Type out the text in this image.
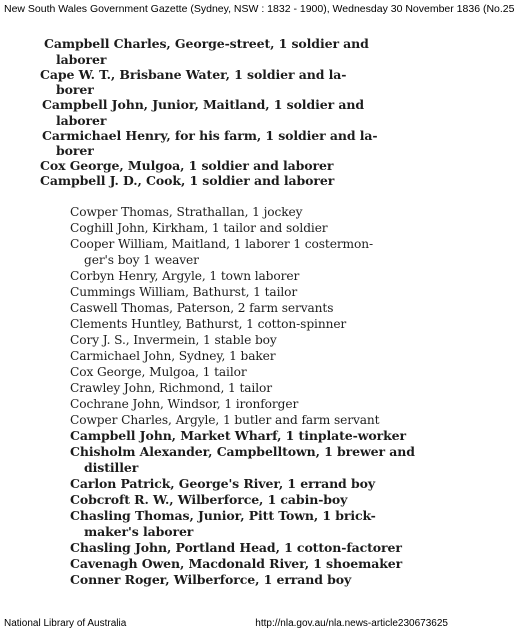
New South Wales Government Gazette (Sydney, NSW : 1832 - 1900), Wednesday 30 November 1836 (No.25
Campbell Charles, George-street, 1 soldier and
laborer
Cape W. T., Brisbane Water, 1 soldier and la-
borer
Campbell John, Junior, Maitland, 1 soldier and
laborer
Carmichael Henry, for his farm, 1 soldier and la-
borer
Cox George, Mulgoa, 1 soldier and laborer
Campbell J. D., Cook, 1 soldier and laborer
Cowper Thomas, Strathallan, 1 jockey
Coghill John, Kirkham, 1 tailor and soldier
Cooper William, Maitland, 1 laborer 1 costermon-
ger's boy 1 weaver
Corbyn Henry, Argyle, 1 town laborer
Cummings William, Bathurst, 1 tailor
Caswell Thomas, Paterson, 2 farm servants
Clements Huntley, Bathurst, 1 cotton-spinner
Cory J. S., Invermein, 1 stable boy
Carmichael John, Sydney, 1 baker
Cox George, Mulgoa, 1 tailor
Crawley John, Richmond, 1 tailor
Cochrane John, Windsor, 1 ironforger
Cowper Charles, Argyle, 1 butler and farm servant
Campbell John, Market Wharf, 1 tinplate-worker
Chisholm Alexander, Campbelltown, 1 brewer and
distiller
Carlon Patrick, George's River, 1 errand boy
Cobcroft R. W., Wilberforce, 1 cabin-boy
Chasling Thomas, Junior, Pitt Town, 1 brick-
maker's laborer
Chasling John, Portland Head, 1 cotton-factorer
Cavenagh Owen, Macdonald River, 1 shoemaker
Conner Roger, Wilberforce, 1 errand boy
National Library of Australia	http://nla.gov.au/nla.news-article230673625
